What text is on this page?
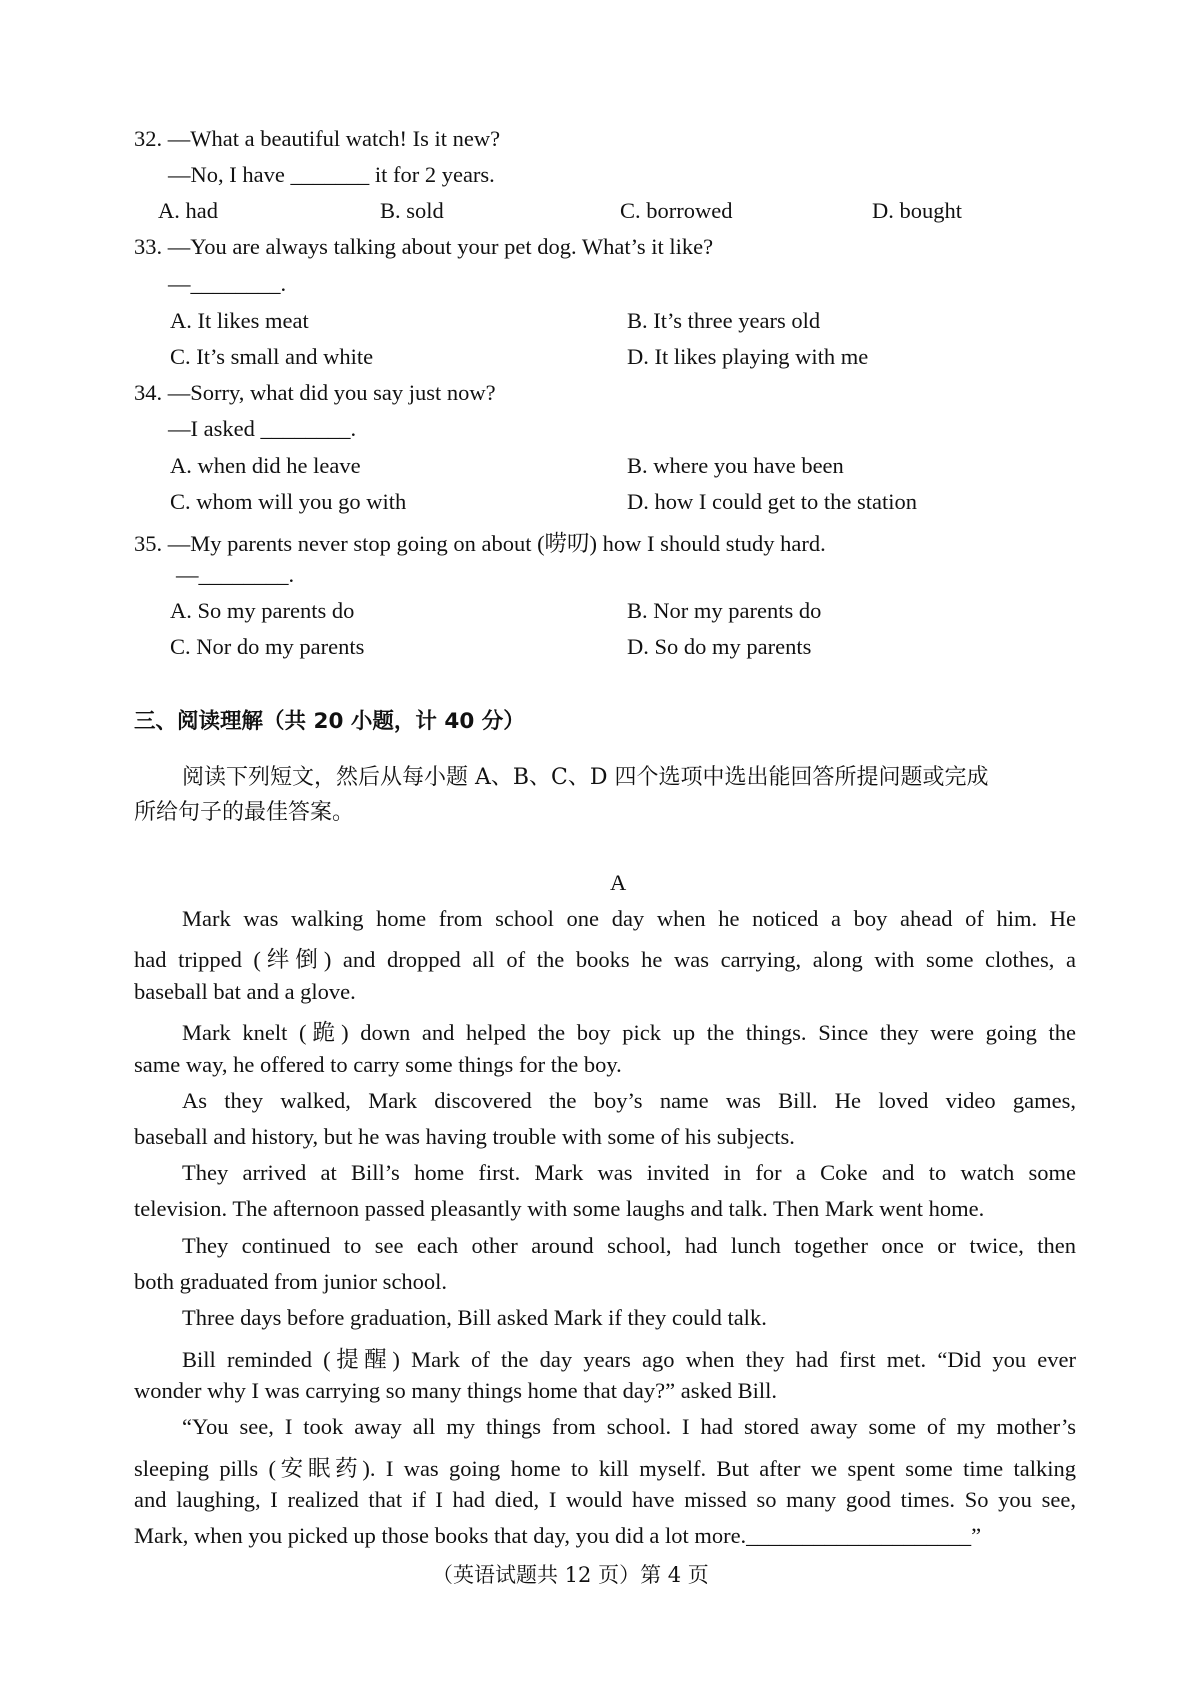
32. —What a beautiful watch! Is it new?
—No, I have _______ it for 2 years.
A. had	B. sold	C. borrowed	D. bought
33. —You are always talking about your pet dog. What’s it like?
—________.
A. It likes meat	B. It’s three years old
C. It’s small and white	D. It likes playing with me
34. —Sorry, what did you say just now?
—I asked ________.
A. when did he leave	B. where you have been
C. whom will you go with	D. how I could get to the station
35. —My parents never stop going on about (唠叨) how I should study hard.
—________.
A. So my parents do	B. Nor my parents do
C. Nor do my parents	D. So do my parents
三、阅读理解（共 20 小题，计 40 分）
阅读下列短文，然后从每小题 A、B、C、D 四个选项中选出能回答所提问题或完成
所给句子的最佳答案。
A
Mark was walking home from school one day when he noticed a boy ahead of him. He
had tripped (绊倒) and dropped all of the books he was carrying, along with some clothes, a
baseball bat and a glove.
Mark knelt (跪) down and helped the boy pick up the things. Since they were going the
same way, he offered to carry some things for the boy.
As they walked, Mark discovered the boy’s name was Bill. He loved video games,
baseball and history, but he was having trouble with some of his subjects.
They arrived at Bill’s home first. Mark was invited in for a Coke and to watch some
television. The afternoon passed pleasantly with some laughs and talk. Then Mark went home.
They continued to see each other around school, had lunch together once or twice, then
both graduated from junior school.
Three days before graduation, Bill asked Mark if they could talk.
Bill reminded (提醒) Mark of the day years ago when they had first met. “Did you ever
wonder why I was carrying so many things home that day?” asked Bill.
“You see, I took away all my things from school. I had stored away some of my mother’s
sleeping pills (安眠药). I was going home to kill myself. But after we spent some time talking
and laughing, I realized that if I had died, I would have missed so many good times. So you see,
Mark, when you picked up those books that day, you did a lot more.____________________”
（英语试题共 12 页）第 4 页
